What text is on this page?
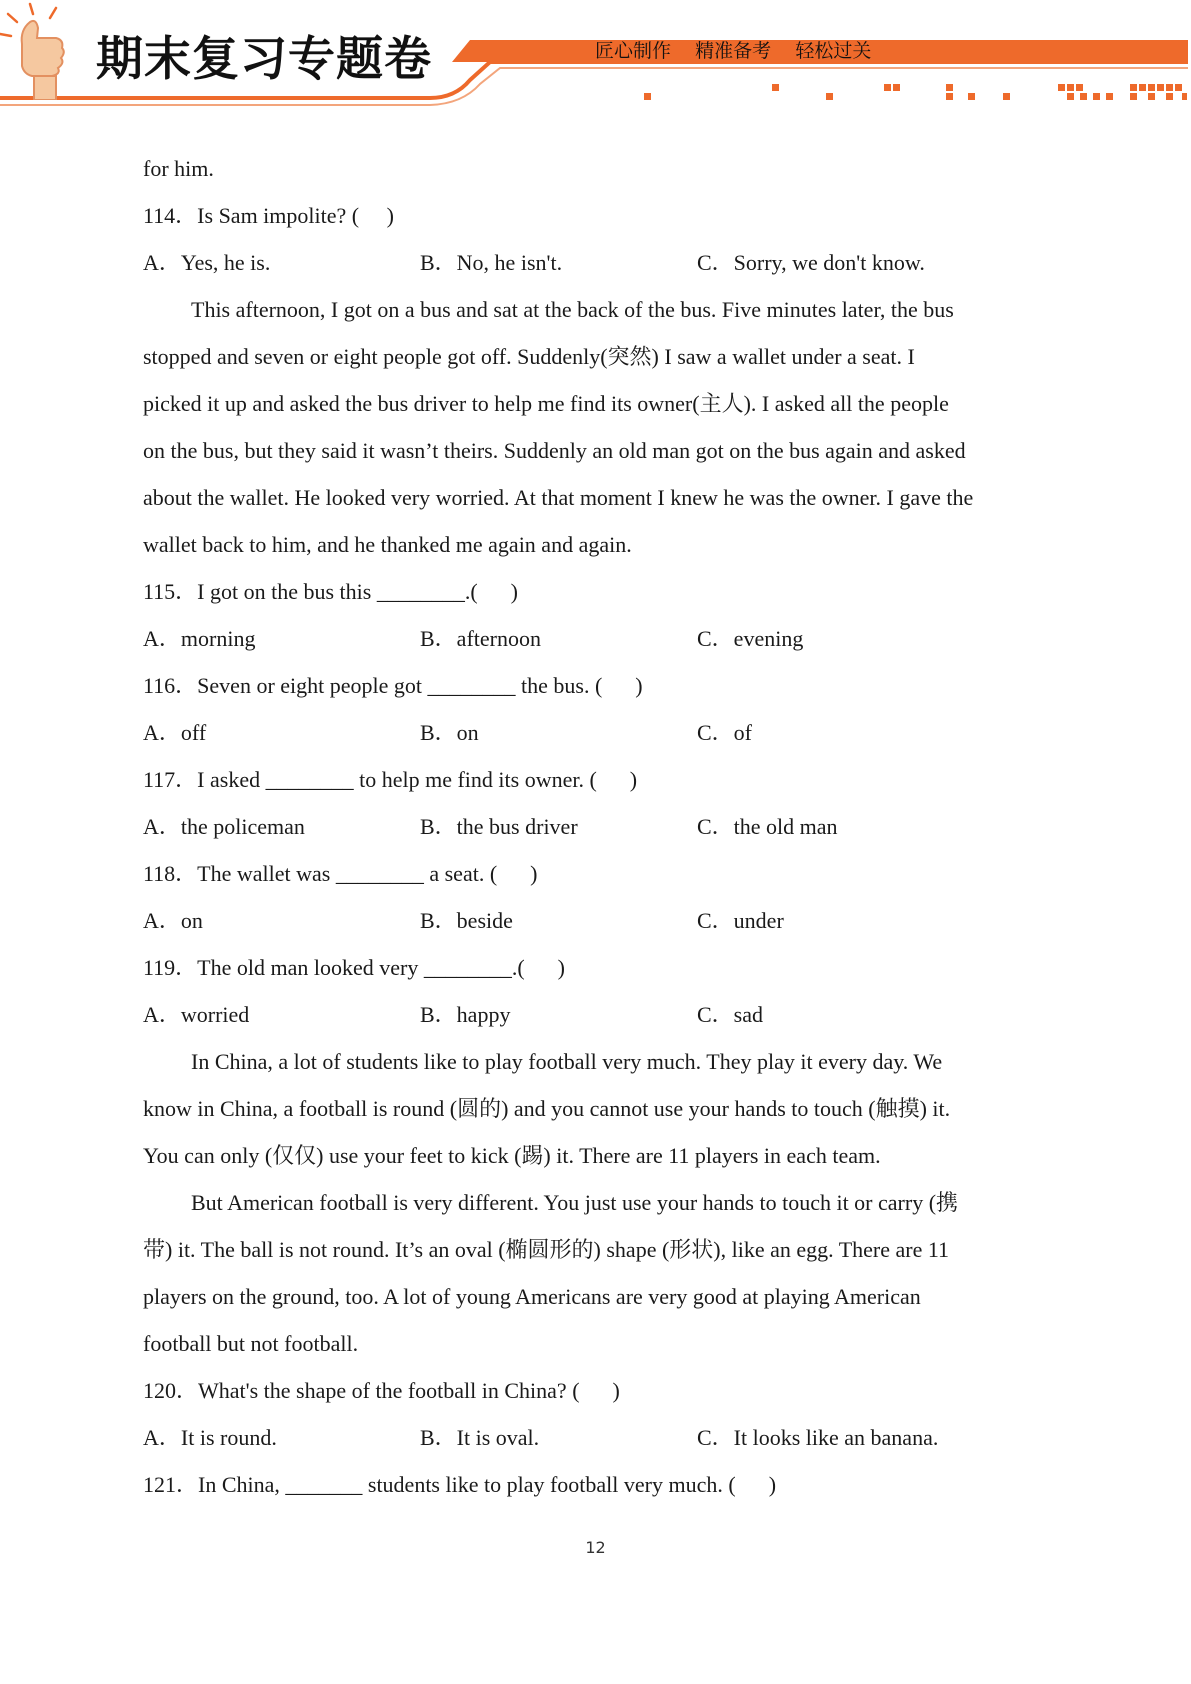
期末复习专题卷	匠心制作    精准备考    轻松过关
for him.
114．Is Sam impolite? (     )
A．Yes, he is.	B．No, he isn't.	C．Sorry, we don't know.
This afternoon, I got on a bus and sat at the back of the bus. Five minutes later, the bus
stopped and seven or eight people got off. Suddenly(突然) I saw a wallet under a seat. I
picked it up and asked the bus driver to help me find its owner(主人). I asked all the people
on the bus, but they said it wasn’t theirs. Suddenly an old man got on the bus again and asked
about the wallet. He looked very worried. At that moment I knew he was the owner. I gave the
wallet back to him, and he thanked me again and again.
115．I got on the bus this ________.(      )
A．morning	B．afternoon	C．evening
116．Seven or eight people got ________ the bus. (      )
A．off	B．on	C．of
117．I asked ________ to help me find its owner. (      )
A．the policeman	B．the bus driver	C．the old man
118．The wallet was ________ a seat. (      )
A．on	B．beside	C．under
119．The old man looked very ________.(      )
A．worried	B．happy	C．sad
In China, a lot of students like to play football very much. They play it every day. We
know in China, a football is round (圆的) and you cannot use your hands to touch (触摸) it.
You can only (仅仅) use your feet to kick (踢) it. There are 11 players in each team.
But American football is very different. You just use your hands to touch it or carry (携
带) it. The ball is not round. It’s an oval (椭圆形的) shape (形状), like an egg. There are 11
players on the ground, too. A lot of young Americans are very good at playing American
football but not football.
120．What's the shape of the football in China? (      )
A．It is round.	B．It is oval.	C．It looks like an banana.
121．In China, _______ students like to play football very much. (      )
12
